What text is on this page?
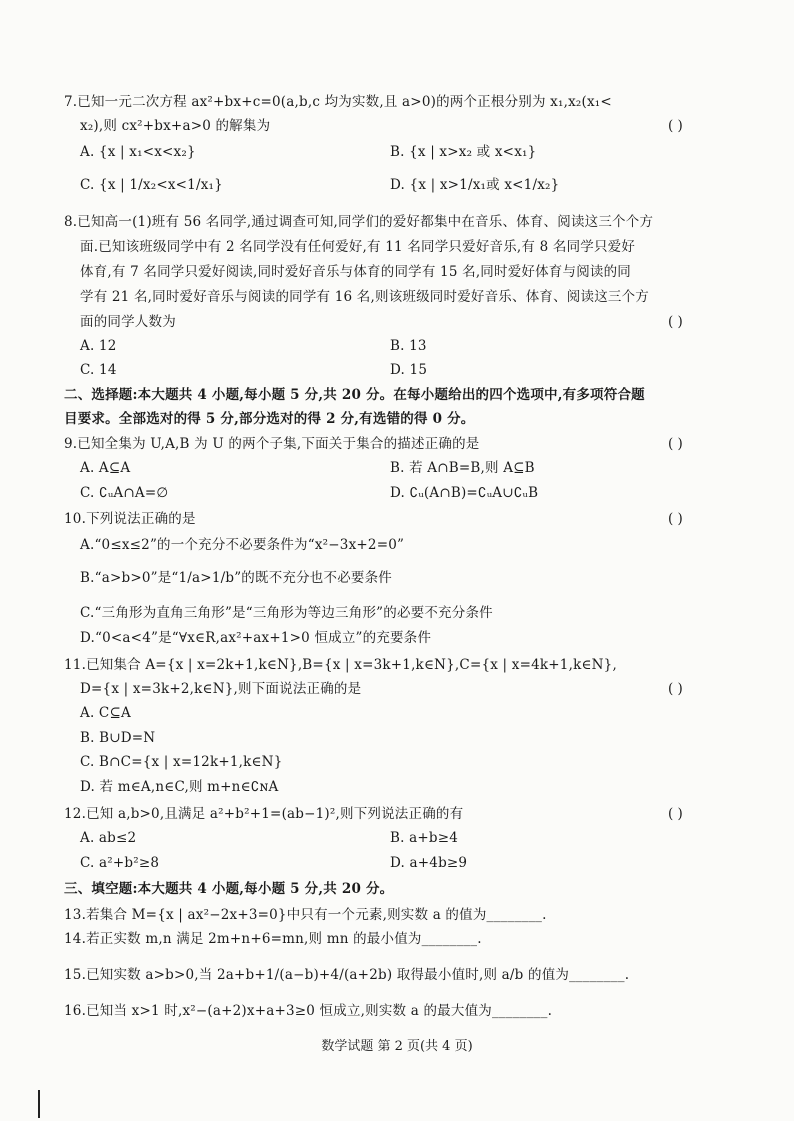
7.已知一元二次方程 ax²+bx+c=0(a,b,c 均为实数,且 a>0)的两个正根分别为 x₁,x₂(x₁<
x₂),则 cx²+bx+a>0 的解集为	( )
A. {x | x₁<x<x₂}	B. {x | x>x₂ 或 x<x₁}
C. {x | 1/x₂<x<1/x₁}	D. {x | x>1/x₁或 x<1/x₂}
8.已知高一(1)班有 56 名同学,通过调查可知,同学们的爱好都集中在音乐、体育、阅读这三个个方
面.已知该班级同学中有 2 名同学没有任何爱好,有 11 名同学只爱好音乐,有 8 名同学只爱好
体育,有 7 名同学只爱好阅读,同时爱好音乐与体育的同学有 15 名,同时爱好体育与阅读的同
学有 21 名,同时爱好音乐与阅读的同学有 16 名,则该班级同时爱好音乐、体育、阅读这三个方
面的同学人数为	( )
A. 12	B. 13
C. 14	D. 15
二、选择题:本大题共 4 小题,每小题 5 分,共 20 分。在每小题给出的四个选项中,有多项符合题
目要求。全部选对的得 5 分,部分选对的得 2 分,有选错的得 0 分。
9.已知全集为 U,A,B 为 U 的两个子集,下面关于集合的描述正确的是	( )
A. A⊆A	B. 若 A∩B=B,则 A⊆B
C. ∁ᵤA∩A=∅	D. ∁ᵤ(A∩B)=∁ᵤA∪∁ᵤB
10.下列说法正确的是	( )
A.“0≤x≤2”的一个充分不必要条件为“x²−3x+2=0”
B.“a>b>0”是“1/a>1/b”的既不充分也不必要条件
C.“三角形为直角三角形”是“三角形为等边三角形”的必要不充分条件
D.“0<a<4”是“∀x∈R,ax²+ax+1>0 恒成立”的充要条件
11.已知集合 A={x | x=2k+1,k∈N},B={x | x=3k+1,k∈N},C={x | x=4k+1,k∈N},
D={x | x=3k+2,k∈N},则下面说法正确的是	( )
A. C⊆A
B. B∪D=N
C. B∩C={x | x=12k+1,k∈N}
D. 若 m∈A,n∈C,则 m+n∈∁ɴA
12.已知 a,b>0,且满足 a²+b²+1=(ab−1)²,则下列说法正确的有	( )
A. ab≤2	B. a+b≥4
C. a²+b²≥8	D. a+4b≥9
三、填空题:本大题共 4 小题,每小题 5 分,共 20 分。
13.若集合 M={x | ax²−2x+3=0}中只有一个元素,则实数 a 的值为________.
14.若正实数 m,n 满足 2m+n+6=mn,则 mn 的最小值为________.
15.已知实数 a>b>0,当 2a+b+1/(a−b)+4/(a+2b) 取得最小值时,则 a/b 的值为________.
16.已知当 x>1 时,x²−(a+2)x+a+3≥0 恒成立,则实数 a 的最大值为________.
数学试题 第 2 页(共 4 页)
